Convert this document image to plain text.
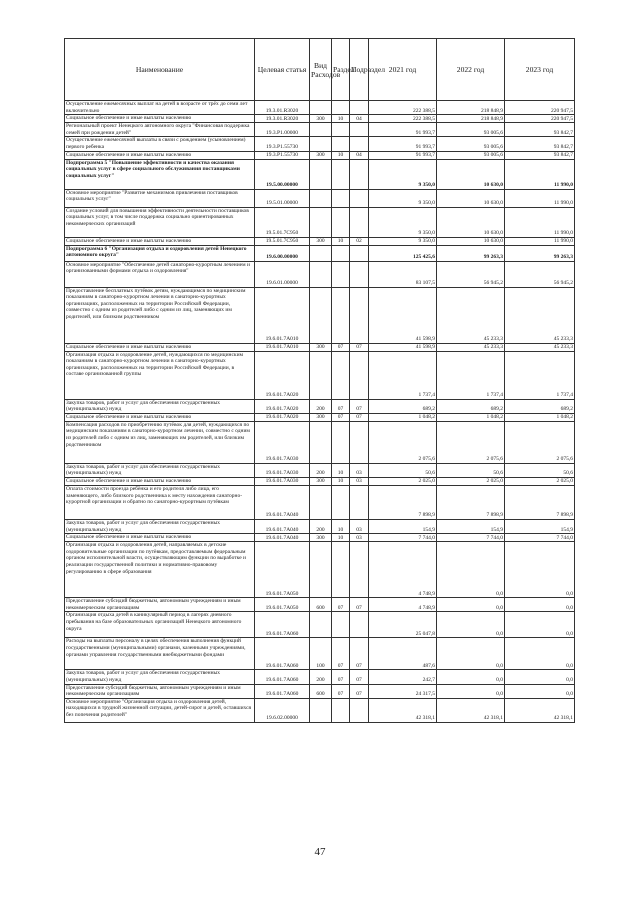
Наименование	Целевая статья	Вид Расходов	Раздел	Подраздел	2021 год	2022 год	2023 год
Осуществление ежемесячных выплат на детей в возрасте от трёх до семи лет включительно	19.3.01.R3020				222 388,5	218 848,9	220 947,5
Социальное обеспечение и иные выплаты населению	19.3.01.R3020	300	10	04	222 388,5	218 848,9	220 947,5
Региональный проект Ненецкого автономного округа "Финансовая поддержка семей при рождении детей"	19.3.P1.00000				91 993,7	93 005,6	93 842,7
Осуществление ежемесячной выплаты в связи с рождением (усыновлением) первого ребенка	19.3.P1.55730				91 993,7	93 005,6	93 842,7
Социальное обеспечение и иные выплаты населению	19.3.P1.55730	300	10	04	91 993,7	93 005,6	93 842,7
Подпрограмма 5 "Повышение эффективности и качества оказания социальных услуг в сфере социального обслуживания поставщиками социальных услуг"	19.5.00.00000				9 350,0	10 630,0	11 990,0
Основное мероприятие "Развитие механизмов привлечения поставщиков социальных услуг"	19.5.01.00000				9 350,0	10 630,0	11 990,0
Создание условий для повышения эффективности деятельности поставщиков социальных услуг, в том числе поддержка социально ориентированных некоммерческих организаций	19.5.01.7C950				9 350,0	10 630,0	11 990,0
Социальное обеспечение и иные выплаты населению	19.5.01.7C950	300	10	02	9 350,0	10 630,0	11 990,0
Подпрограмма 6 "Организация отдыха и оздоровления детей Ненецкого автономного округа"	19.6.00.00000				125 425,6	99 263,3	99 263,3
Основное мероприятие "Обеспечение детей санаторно-курортным лечением и организованными формами отдыха и оздоровления"	19.6.01.00000				83 107,5	56 945,2	56 945,2
Предоставление бесплатных путёвок детям, нуждающимся по медицинским показаниям в санаторно-курортном лечении в санаторно-курортных организациях, расположенных на территории Российской Федерации, совместно с одним из родителей либо с одним из лиц, заменяющих им родителей, или близким родственником	19.6.01.7A010				41 598,9	45 233,3	45 233,3
Социальное обеспечение и иные выплаты населению	19.6.01.7A010	300	07	07	41 598,9	45 233,3	45 233,3
Организация отдыха и оздоровление детей, нуждающихся по медицинским показаниям в санаторно-курортном лечении в санаторно-курортных организациях, расположенных на территории Российской Федерации, в составе организованной группы	19.6.01.7A020				1 737,4	1 737,4	1 737,4
Закупка товаров, работ и услуг для обеспечения государственных (муниципальных) нужд	19.6.01.7A020	200	07	07	689,2	689,2	689,2
Социальное обеспечение и иные выплаты населению	19.6.01.7A020	300	07	07	1 048,2	1 048,2	1 048,2
Компенсация расходов по приобретению путёвок для детей, нуждающихся по медицинским показаниям в санаторно-курортном лечении, совместно с одним из родителей либо с одним из лиц, заменяющих им родителей, или близким родственником	19.6.01.7A030				2 075,6	2 075,6	2 075,6
Закупка товаров, работ и услуг для обеспечения государственных (муниципальных) нужд	19.6.01.7A030	200	10	03	50,6	50,6	50,6
Социальное обеспечение и иные выплаты населению	19.6.01.7A030	300	10	03	2 025,0	2 025,0	2 025,0
Оплата стоимости проезда ребёнка и его родителя либо лица, его заменяющего, либо близкого родственника к месту нахождения санаторно-курортной организации и обратно по санаторно-курортным путёвкам	19.6.01.7A040				7 898,9	7 898,9	7 898,9
Закупка товаров, работ и услуг для обеспечения государственных (муниципальных) нужд	19.6.01.7A040	200	10	03	154,9	154,9	154,9
Социальное обеспечение и иные выплаты населению	19.6.01.7A040	300	10	03	7 744,0	7 744,0	7 744,0
Организация отдыха и оздоровления детей, направляемых в детские оздоровительные организации по путёвкам, предоставляемым федеральным органом исполнительной власти, осуществляющим функции по выработке и реализации государственной политики и нормативно-правовому регулированию в сфере образования	19.6.01.7A050				4 748,9	0,0	0,0
Предоставление субсидий бюджетным, автономным учреждениям и иным некоммерческим организациям	19.6.01.7A050	600	07	07	4 748,9	0,0	0,0
Организация отдыха детей в каникулярный период в лагерях дневного пребывания на базе образовательных организаций Ненецкого автономного округа	19.6.01.7A060				25 047,8	0,0	0,0
Расходы на выплаты персоналу в целях обеспечения выполнения функций государственными (муниципальными) органами, казенными учреждениями, органами управления государственными внебюджетными фондами	19.6.01.7A060	100	07	07	487,6	0,0	0,0
Закупка товаров, работ и услуг для обеспечения государственных (муниципальных) нужд	19.6.01.7A060	200	07	07	242,7	0,0	0,0
Предоставление субсидий бюджетным, автономным учреждениям и иным некоммерческим организациям	19.6.01.7A060	600	07	07	24 317,5	0,0	0,0
Основное мероприятие "Организация отдыха и оздоровления детей, находящихся в трудной жизненной ситуации, детей-сирот и детей, оставшихся без попечения родителей"	19.6.02.00000				42 318,1	42 318,1	42 318,1
47
